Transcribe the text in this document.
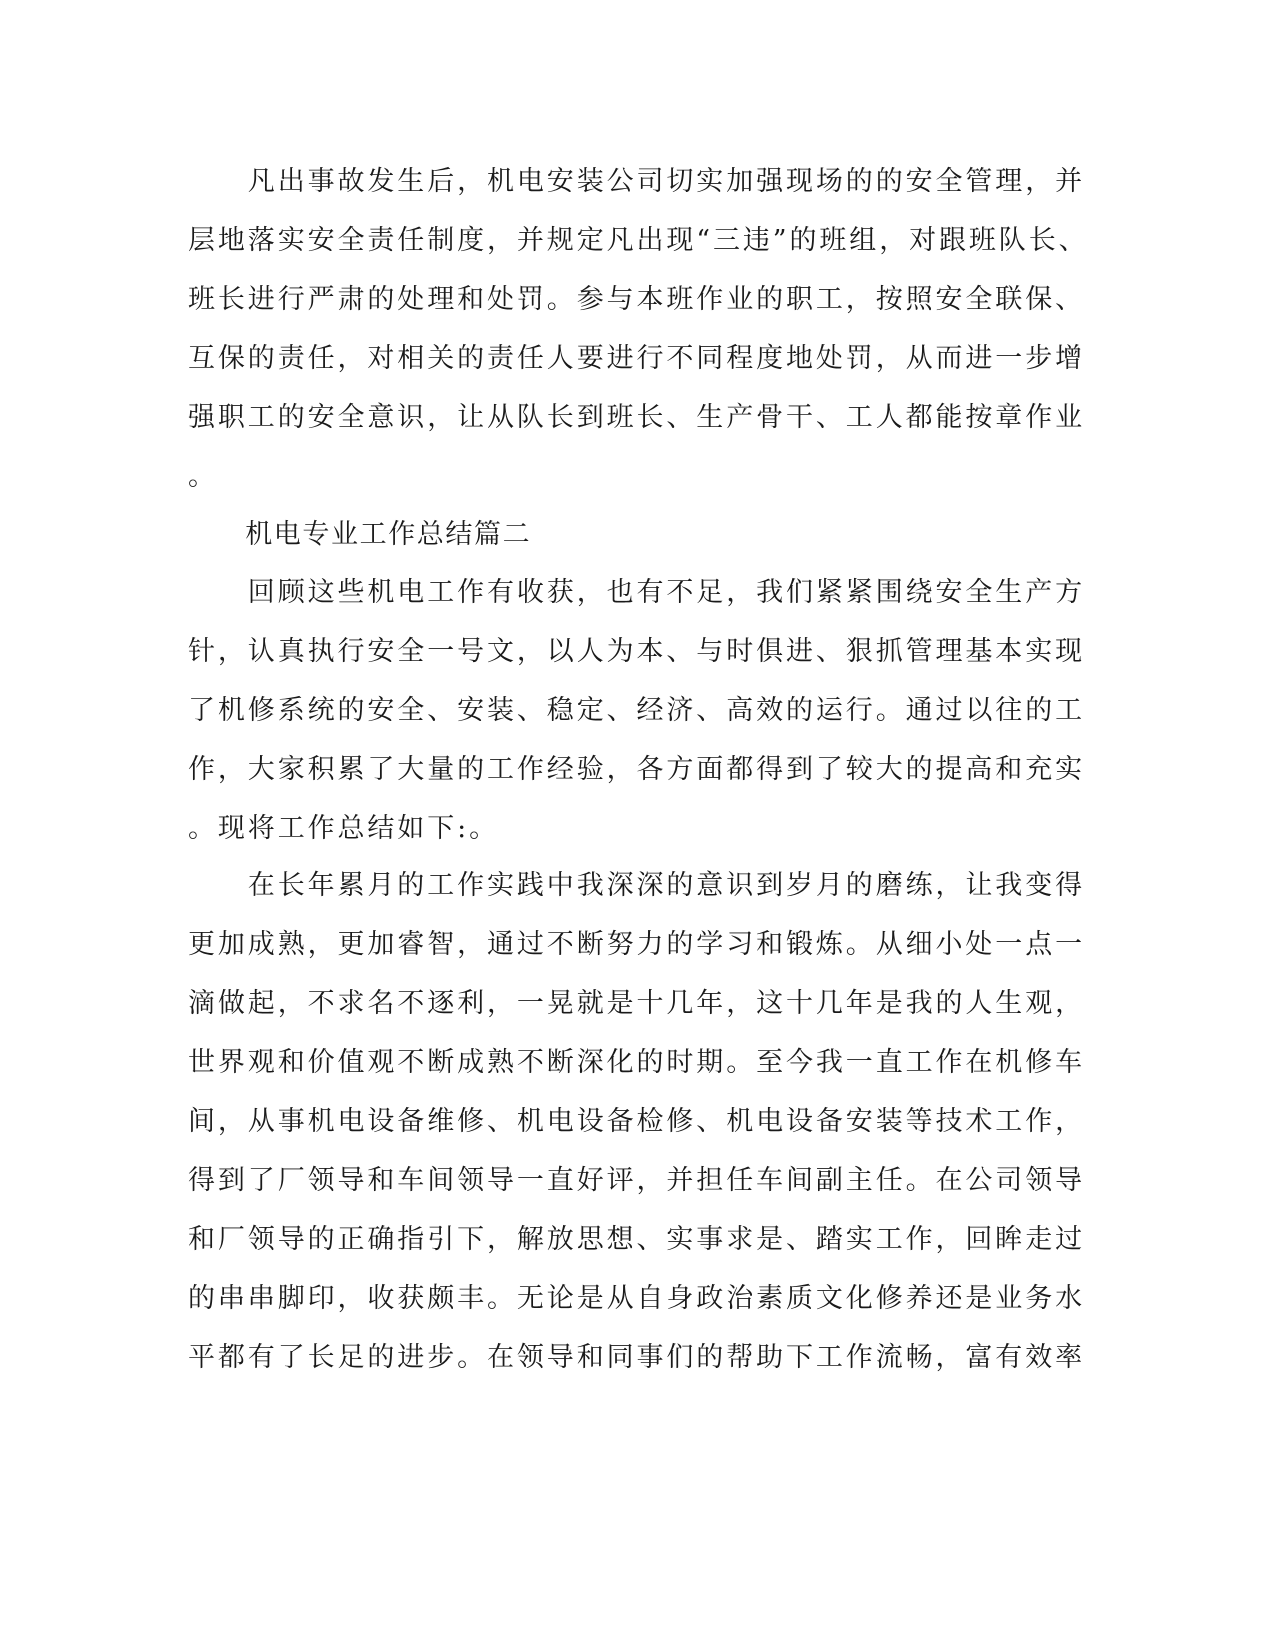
　　凡出事故发生后，机电安装公司切实加强现场的的安全管理，并
层地落实安全责任制度，并规定凡出现“三违”的班组，对跟班队长、
班长进行严肃的处理和处罚。参与本班作业的职工，按照安全联保、
互保的责任，对相关的责任人要进行不同程度地处罚，从而进一步增
强职工的安全意识，让从队长到班长、生产骨干、工人都能按章作业
。
　　机电专业工作总结篇二
　　回顾这些机电工作有收获，也有不足，我们紧紧围绕安全生产方
针，认真执行安全一号文，以人为本、与时俱进、狠抓管理基本实现
了机修系统的安全、安装、稳定、经济、高效的运行。通过以往的工
作，大家积累了大量的工作经验，各方面都得到了较大的提高和充实
。现将工作总结如下:。
　　在长年累月的工作实践中我深深的意识到岁月的磨练，让我变得
更加成熟，更加睿智，通过不断努力的学习和锻炼。从细小处一点一
滴做起，不求名不逐利，一晃就是十几年，这十几年是我的人生观，
世界观和价值观不断成熟不断深化的时期。至今我一直工作在机修车
间，从事机电设备维修、机电设备检修、机电设备安装等技术工作，
得到了厂领导和车间领导一直好评，并担任车间副主任。在公司领导
和厂领导的正确指引下，解放思想、实事求是、踏实工作，回眸走过
的串串脚印，收获颇丰。无论是从自身政治素质文化修养还是业务水
平都有了长足的进步。在领导和同事们的帮助下工作流畅，富有效率
